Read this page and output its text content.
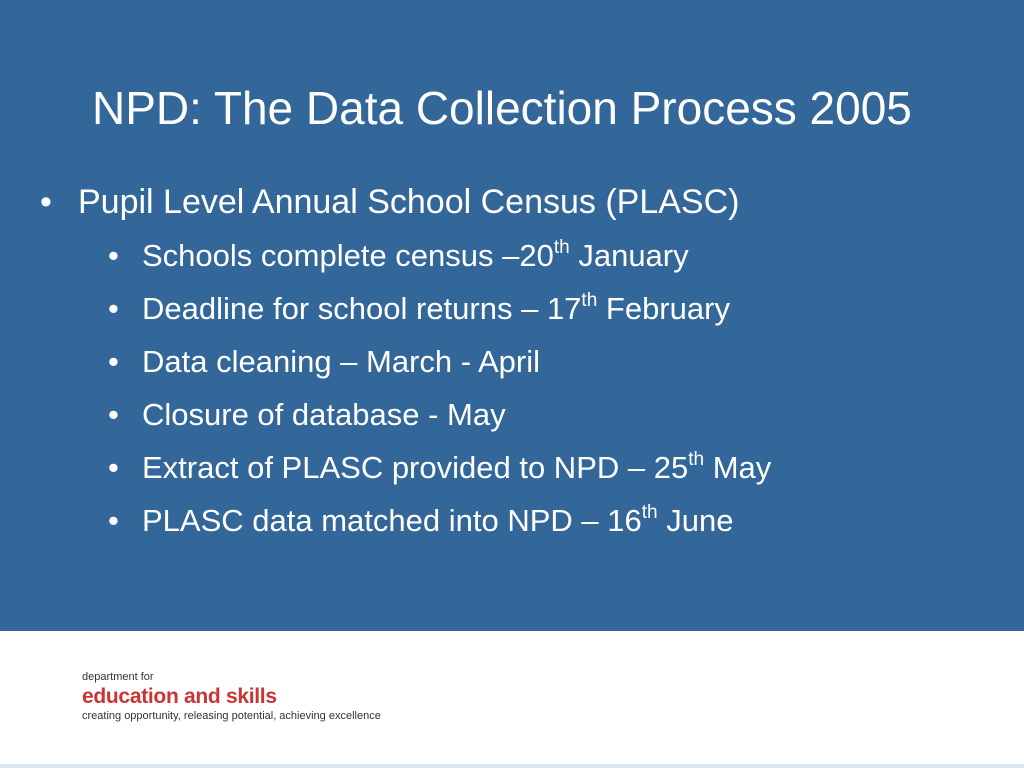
NPD: The Data Collection Process 2005
• Pupil Level Annual School Census (PLASC)
• Schools complete census –20th January
• Deadline for school returns – 17th February
• Data cleaning – March - April
• Closure of database - May
• Extract of PLASC provided to NPD – 25th May
• PLASC data matched into NPD – 16th June
department for
education and skills
creating opportunity, releasing potential, achieving excellence
